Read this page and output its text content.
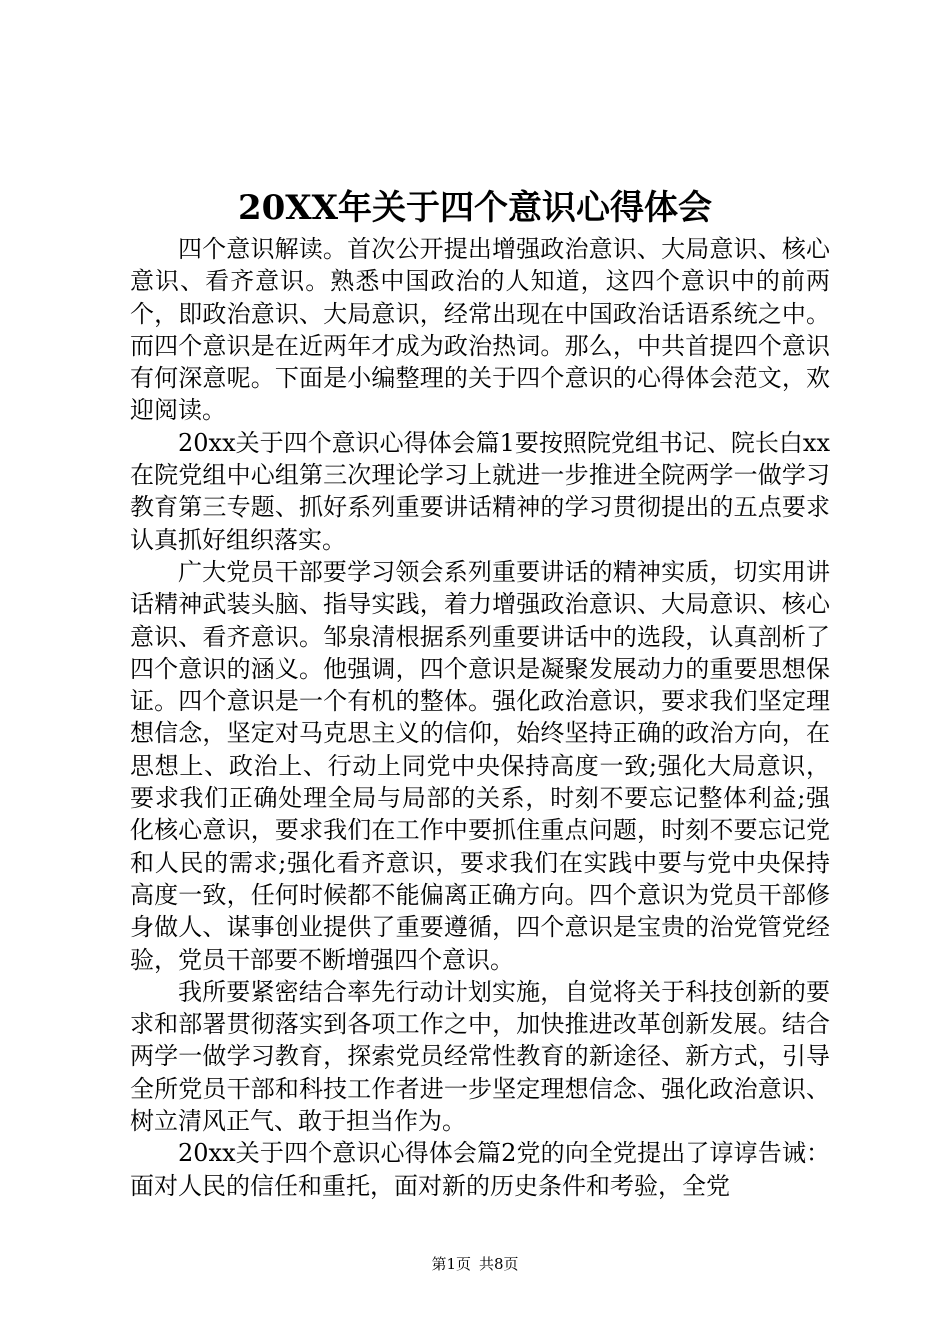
20XX年关于四个意识心得体会

四个意识解读。首次公开提出增强政治意识、大局意识、核心意识、看齐意识。熟悉中国政治的人知道，这四个意识中的前两个，即政治意识、大局意识，经常出现在中国政治话语系统之中。而四个意识是在近两年才成为政治热词。那么，中共首提四个意识有何深意呢。下面是小编整理的关于四个意识的心得体会范文，欢迎阅读。

20xx关于四个意识心得体会篇1要按照院党组书记、院长白xx在院党组中心组第三次理论学习上就进一步推进全院两学一做学习教育第三专题、抓好系列重要讲话精神的学习贯彻提出的五点要求认真抓好组织落实。

广大党员干部要学习领会系列重要讲话的精神实质，切实用讲话精神武装头脑、指导实践，着力增强政治意识、大局意识、核心意识、看齐意识。邹泉清根据系列重要讲话中的选段，认真剖析了四个意识的涵义。他强调，四个意识是凝聚发展动力的重要思想保证。四个意识是一个有机的整体。强化政治意识，要求我们坚定理想信念，坚定对马克思主义的信仰，始终坚持正确的政治方向，在思想上、政治上、行动上同党中央保持高度一致;强化大局意识，要求我们正确处理全局与局部的关系，时刻不要忘记整体利益;强化核心意识，要求我们在工作中要抓住重点问题，时刻不要忘记党和人民的需求;强化看齐意识，要求我们在实践中要与党中央保持高度一致，任何时候都不能偏离正确方向。四个意识为党员干部修身做人、谋事创业提供了重要遵循，四个意识是宝贵的治党管党经验，党员干部要不断增强四个意识。

我所要紧密结合率先行动计划实施，自觉将关于科技创新的要求和部署贯彻落实到各项工作之中，加快推进改革创新发展。结合两学一做学习教育，探索党员经常性教育的新途径、新方式，引导全所党员干部和科技工作者进一步坚定理想信念、强化政治意识、树立清风正气、敢于担当作为。

20xx关于四个意识心得体会篇2党的向全党提出了谆谆告诫：面对人民的信任和重托，面对新的历史条件和考验，全党

第1页 共8页
